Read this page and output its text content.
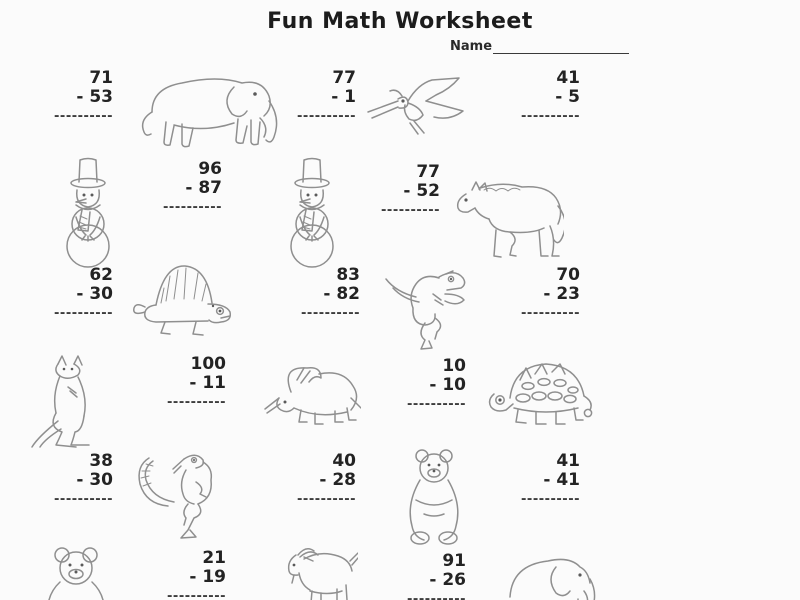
Fun Math Worksheet
Name
71
- 53
----------
77
- 1
----------
41
- 5
----------
96
- 87
----------
77
- 52
----------
62
- 30
----------
83
- 82
----------
70
- 23
----------
100
- 11
----------
10
- 10
----------
38
- 30
----------
40
- 28
----------
41
- 41
----------
21
- 19
----------
91
- 26
----------
